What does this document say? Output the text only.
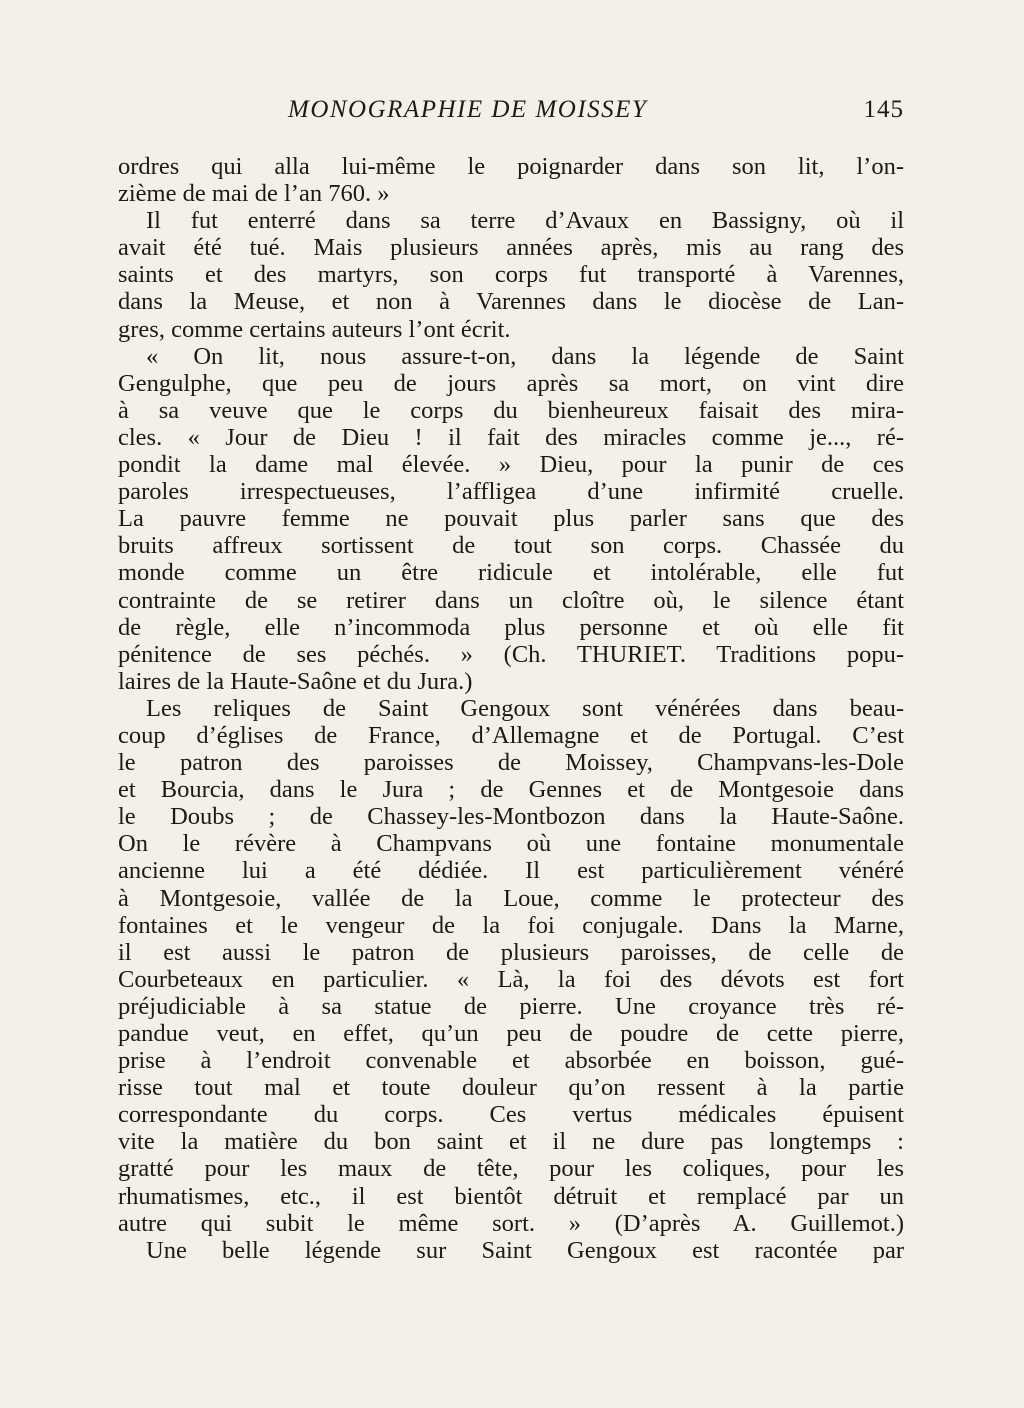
MONOGRAPHIE DE MOISSEY	145
ordres qui alla lui-même le poignarder dans son lit, l’on-
zième de mai de l’an 760. »
Il fut enterré dans sa terre d’Avaux en Bassigny, où il
avait été tué. Mais plusieurs années après, mis au rang des
saints et des martyrs, son corps fut transporté à Varennes,
dans la Meuse, et non à Varennes dans le diocèse de Lan-
gres, comme certains auteurs l’ont écrit.
« On lit, nous assure-t-on, dans la légende de Saint
Gengulphe, que peu de jours après sa mort, on vint dire
à sa veuve que le corps du bienheureux faisait des mira-
cles. « Jour de Dieu ! il fait des miracles comme je..., ré-
pondit la dame mal élevée. » Dieu, pour la punir de ces
paroles irrespectueuses, l’affligea d’une infirmité cruelle.
La pauvre femme ne pouvait plus parler sans que des
bruits affreux sortissent de tout son corps. Chassée du
monde comme un être ridicule et intolérable, elle fut
contrainte de se retirer dans un cloître où, le silence étant
de règle, elle n’incommoda plus personne et où elle fit
pénitence de ses péchés. » (Ch. THURIET. Traditions popu-
laires de la Haute-Saône et du Jura.)
Les reliques de Saint Gengoux sont vénérées dans beau-
coup d’églises de France, d’Allemagne et de Portugal. C’est
le patron des paroisses de Moissey, Champvans-les-Dole
et Bourcia, dans le Jura ; de Gennes et de Montgesoie dans
le Doubs ; de Chassey-les-Montbozon dans la Haute-Saône.
On le révère à Champvans où une fontaine monumentale
ancienne lui a été dédiée. Il est particulièrement vénéré
à Montgesoie, vallée de la Loue, comme le protecteur des
fontaines et le vengeur de la foi conjugale. Dans la Marne,
il est aussi le patron de plusieurs paroisses, de celle de
Courbeteaux en particulier. « Là, la foi des dévots est fort
préjudiciable à sa statue de pierre. Une croyance très ré-
pandue veut, en effet, qu’un peu de poudre de cette pierre,
prise à l’endroit convenable et absorbée en boisson, gué-
risse tout mal et toute douleur qu’on ressent à la partie
correspondante du corps. Ces vertus médicales épuisent
vite la matière du bon saint et il ne dure pas longtemps :
gratté pour les maux de tête, pour les coliques, pour les
rhumatismes, etc., il est bientôt détruit et remplacé par un
autre qui subit le même sort. » (D’après A. Guillemot.)
Une belle légende sur Saint Gengoux est racontée par
